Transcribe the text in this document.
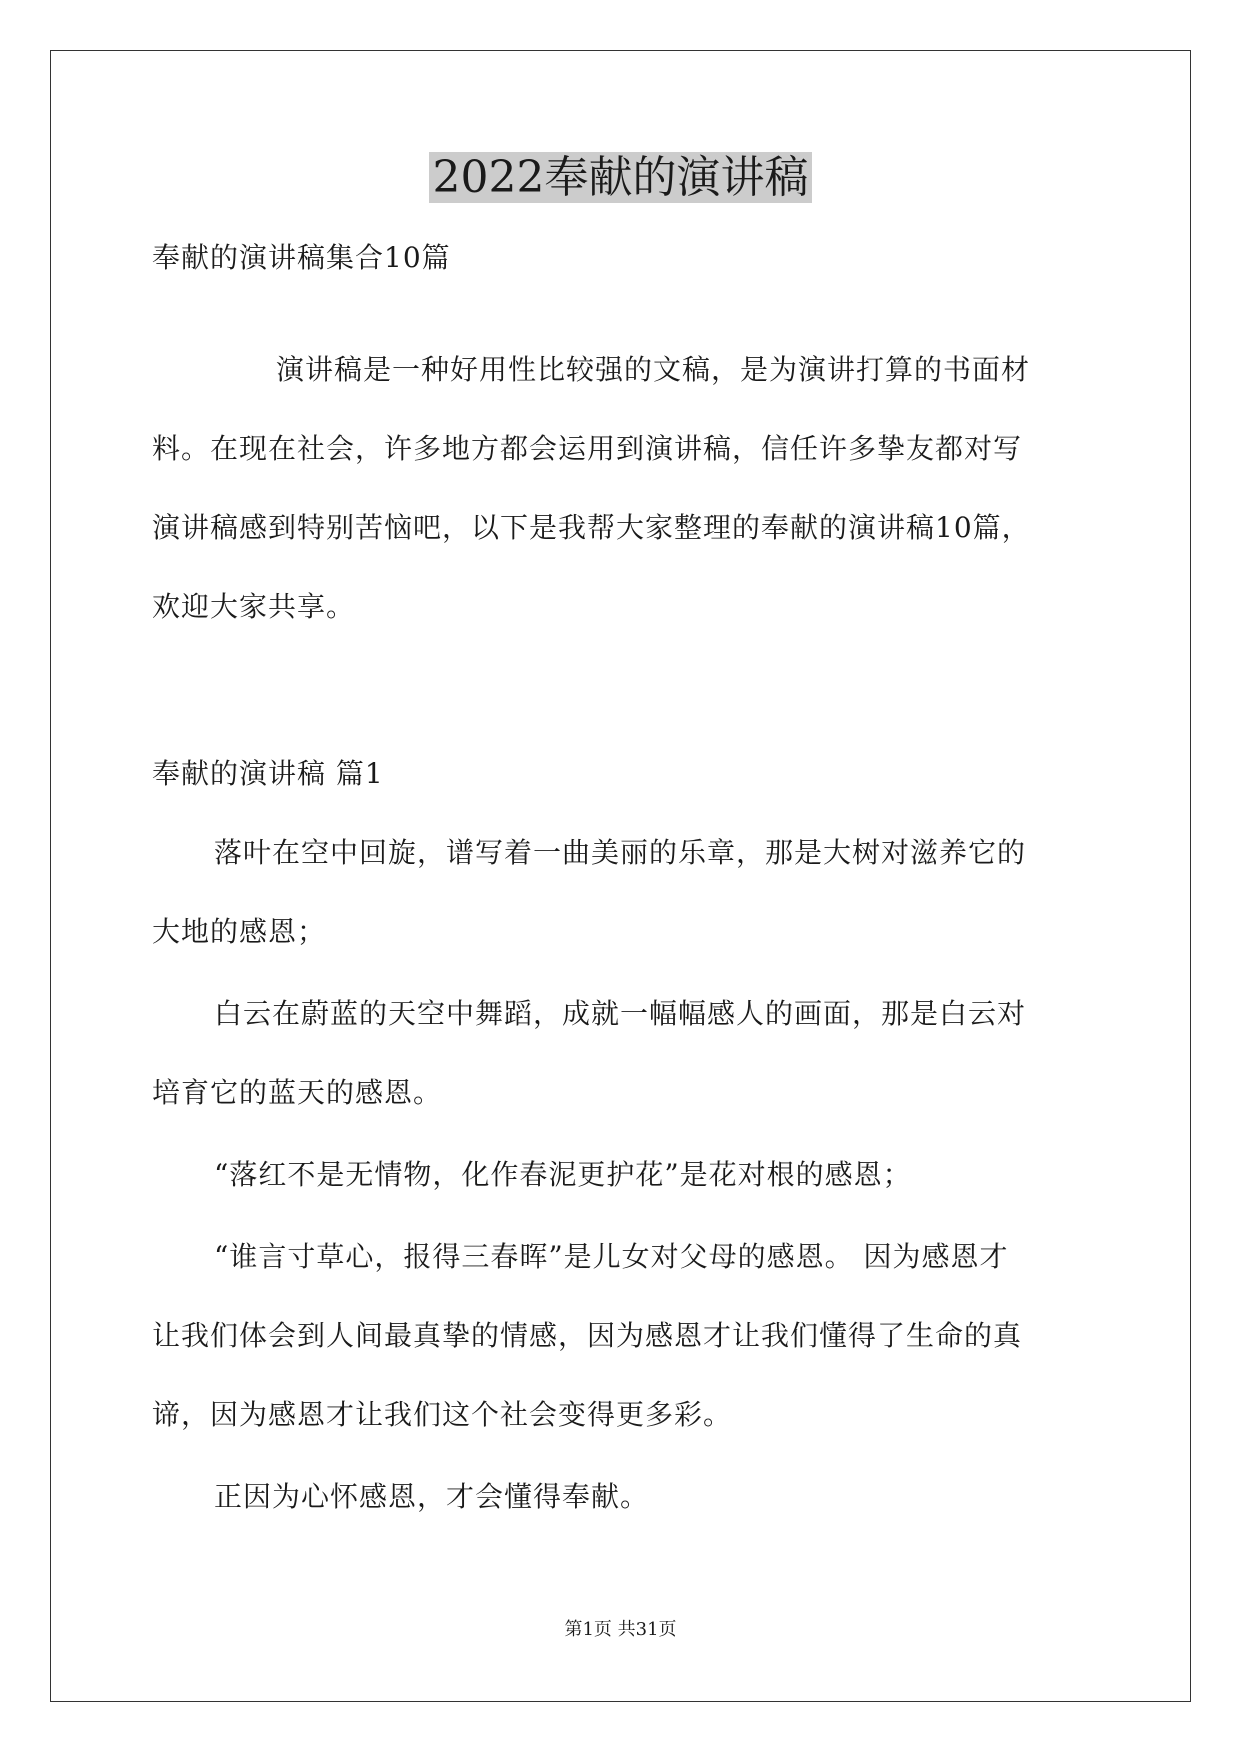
2022奉献的演讲稿
奉献的演讲稿集合10篇
演讲稿是一种好用性比较强的文稿，是为演讲打算的书面材
料。在现在社会，许多地方都会运用到演讲稿，信任许多挚友都对写
演讲稿感到特别苦恼吧，以下是我帮大家整理的奉献的演讲稿10篇，
欢迎大家共享。
奉献的演讲稿 篇1
落叶在空中回旋，谱写着一曲美丽的乐章，那是大树对滋养它的
大地的感恩；
白云在蔚蓝的天空中舞蹈，成就一幅幅感人的画面，那是白云对
培育它的蓝天的感恩。
“落红不是无情物，化作春泥更护花”是花对根的感恩；
“谁言寸草心，报得三春晖”是儿女对父母的感恩。 因为感恩才
让我们体会到人间最真挚的情感，因为感恩才让我们懂得了生命的真
谛，因为感恩才让我们这个社会变得更多彩。
正因为心怀感恩，才会懂得奉献。
第1页 共31页
